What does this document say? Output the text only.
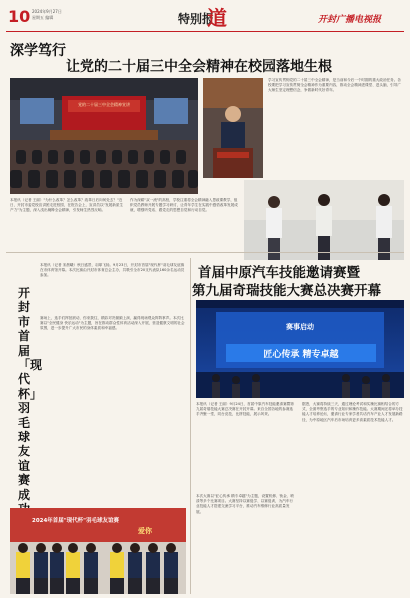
10 2024年9月27日
星期五 编辑	特别报
道	开封广播电视报
深学笃行
让党的二十届三中全会精神在校园落地生根
党的二十届三中全会精神宣讲
本报讯（记者 王丽）"为什么改革？怎么改革？改革日后向何处去？"近日，开封市委党校宣讲团走进校园，在报告会上，宣讲员以"发展新质生产力"为主题，深入浅出阐释全会精神，引发师生热烈反响。
作为深耕"双一流"的高校，学校注重将全会精神融入思政课教学，组织党员教师开展专题学习研讨，让青年学生在实践中感悟改革发展成就，增强听党话、跟党走的思想自觉和行动自觉。
学习宣传贯彻党的二十届三中全会精神，是当前和今后一个时期的重大政治任务。各校要把学习宣传贯彻全会精神作为重要内容，推动全会精神进课堂、进头脑，引导广大师生坚定理想信念，争做新时代好青年。
开封市首届「现代杯」羽毛球友谊赛成
本报讯（记者 宋晨曦）秋日盛景，羽球飞扬。9月23日，开封市首届"现代杯"羽毛球友谊赛在市体育馆开幕。本次比赛由开封市体育总会主办，共吸引全市20支代表队160余名运动员参加。
赛场上，选手们挥拍跃动，你来我往，精彩对决频频上演，赢得现场观众阵阵掌声。本次比赛以"全民健身 快乐运动"为主题，旨在推动群众性体育活动深入开展，营造健康文明的社会氛围，进一步提升广大市民的身体素质和幸福感。
2024年首届"现代杯"羽毛球友谊赛
爱你
首届中原汽车技能邀请赛暨
第九届奇瑞技能大赛总决赛开幕
赛事启动
匠心传承 精专卓越
本报讯（记者 王丽）9月24日，首届中原汽车技能邀请赛暨第九届奇瑞技能大赛总决赛在开封开幕。来自全国各地的参赛选手齐聚一堂，同台竞技，比拼技能，展示风采。
本次大赛以"匠心传承 精专卓越"为主题，设置机修、钣金、喷漆等多个比赛项目。大赛坚持以赛促学、以赛促训，为汽车行业技能人才搭建交流学习平台，推动汽车维修行业高质量发展。
据悉，大赛将持续三天，通过理论考试和实操比赛相结合的方式，全面考察选手的专业知识和操作技能。大赛期间还将举办技能人才培养论坛，邀请行业专家学者共话汽车产业人才发展新路径，为中原地区汽车后市场培育更多高素质技术技能人才。
